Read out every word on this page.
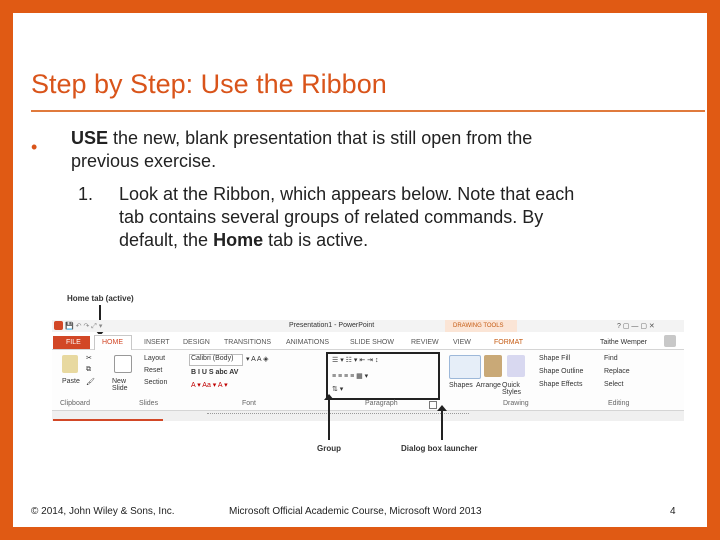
Step by Step: Use the Ribbon
• USE the new, blank presentation that is still open from the
previous exercise.
1.	Look at the Ribbon, which appears below. Note that each
tab contains several groups of related commands. By
default, the Home tab is active.
Home tab (active)
💾 ↶ ↷ ⤢ ▾	Presentation1 - PowerPoint	DRAWING TOOLS	? ▢ — ▢ ✕
FILE	HOME	INSERT DESIGN TRANSITIONS ANIMATIONS	SLIDE SHOW REVIEW VIEW	FORMAT	Taithe Wemper
Paste
✂
⧉
🖌 New Slide
Layout
Reset
Section
Calibri (Body) ▾ A A ◈
B I U S abc AV
A ▾ Aa ▾ A ▾
☰ ▾ ☷ ▾ ⇤ ⇥ ↕
≡ ≡ ≡ ≡ ▦ ▾
⇅ ▾
Shapes Arrange Quick Styles
Shape Fill
Shape Outline
Shape Effects
Find
Replace
Select
Clipboard	Slides	Font	Paragraph	Drawing	Editing
Group	Dialog box launcher
© 2014, John Wiley & Sons, Inc.	Microsoft Official Academic Course, Microsoft Word 2013	4
